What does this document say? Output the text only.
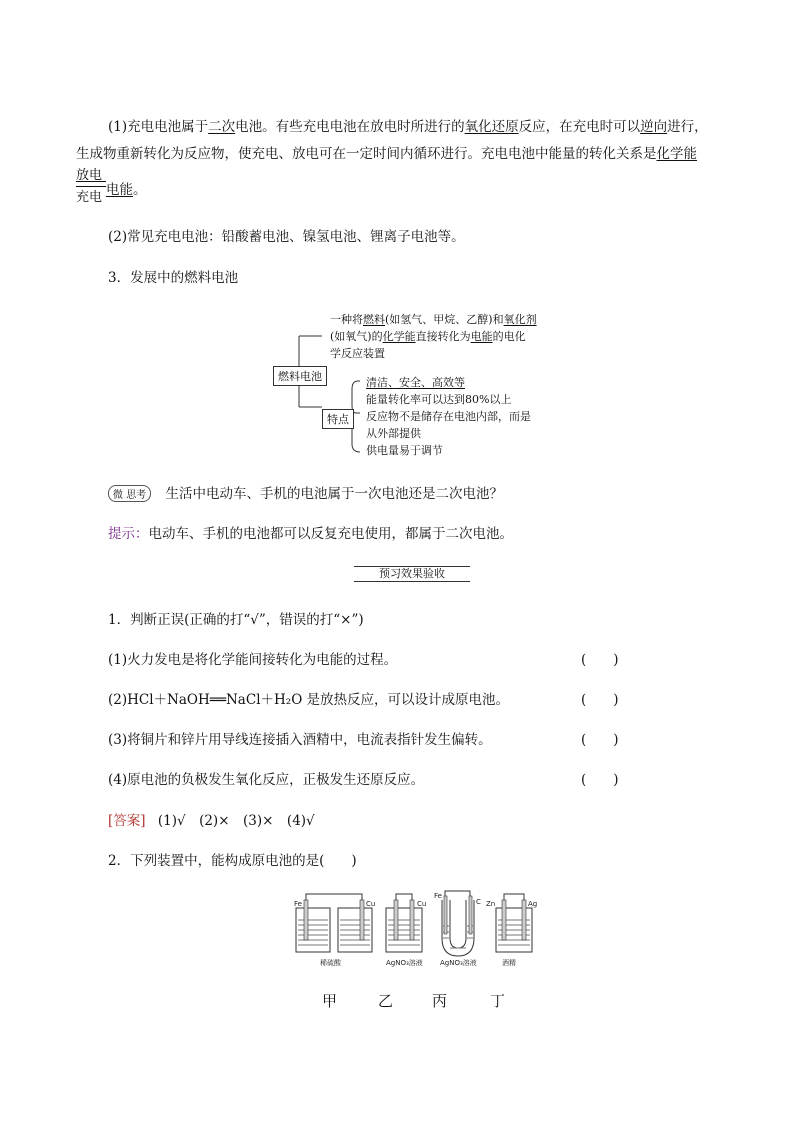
(1)充电电池属于二次电池。有些充电电池在放电时所进行的氧化还原反应，在充电时可以逆向进行，
生成物重新转化为反应物，使充电、放电可在一定时间内循环进行。充电电池中能量的转化关系是化学能
放电
充电 电能。
(2)常见充电电池：铅酸蓄电池、镍氢电池、锂离子电池等。
3．发展中的燃料电池
燃料电池
一种将燃料(如氢气、甲烷、乙醇)和氧化剂
(如氧气)的化学能直接转化为电能的电化
学反应装置
特点
清洁、安全、高效等
能量转化率可以达到80%以上
反应物不是储存在电池内部，而是
从外部提供
供电量易于调节
微 思考 生活中电动车、手机的电池属于一次电池还是二次电池？
提示：电动车、手机的电池都可以反复充电使用，都属于二次电池。
预习效果验收
1．判断正误(正确的打“√”，错误的打“×”)
(1)火力发电是将化学能间接转化为电能的过程。	(　　)
(2)HCl＋NaOH══NaCl＋H₂O 是放热反应，可以设计成原电池。	(　　)
(3)将铜片和锌片用导线连接插入酒精中，电流表指针发生偏转。	(　　)
(4)原电池的负极发生氧化反应，正极发生还原反应。	(　　)
[答案] (1)√　(2)×　(3)×　(4)√
2．下列装置中，能构成原电池的是(　　)
Fe	Cu	Cu
Fe
C Zn	Ag
稀硫酸	AgNO₃溶液 AgNO₃溶液	酒精
甲	乙	丙	丁
